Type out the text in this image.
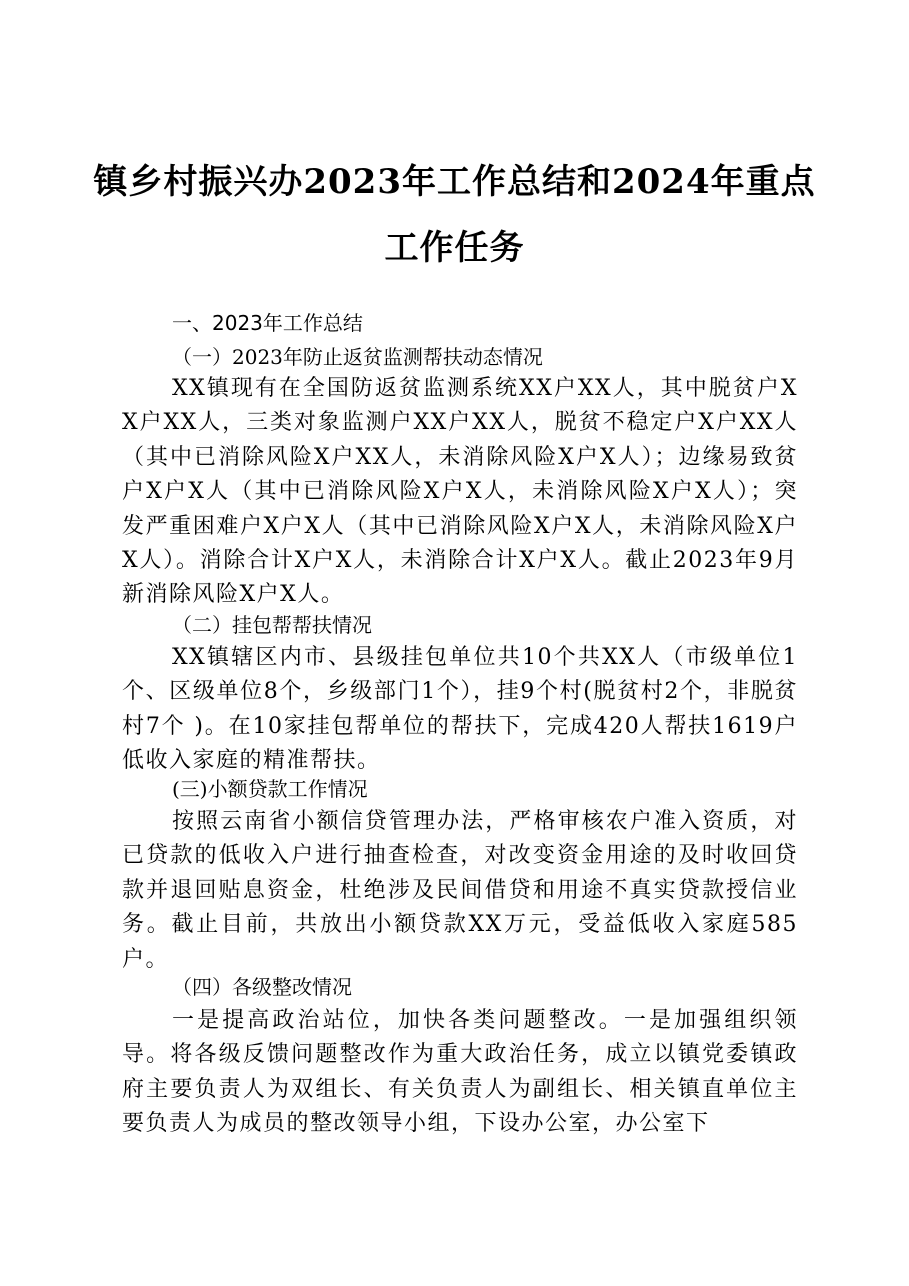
镇乡村振兴办2023年工作总结和2024年重点
工作任务
一、2023年工作总结
（一）2023年防止返贫监测帮扶动态情况
XX镇现有在全国防返贫监测系统XX户XX人，其中脱贫户XX户XX人，三类对象监测户XX户XX人，脱贫不稳定户X户XX人（其中已消除风险X户XX人，未消除风险X户X人）；边缘易致贫户X户X人（其中已消除风险X户X人，未消除风险X户X人）；突发严重困难户X户X人（其中已消除风险X户X人，未消除风险X户X人）。消除合计X户X人，未消除合计X户X人。截止2023年9月新消除风险X户X人。
（二）挂包帮帮扶情况
XX镇辖区内市、县级挂包单位共10个共XX人（市级单位1个、区级单位8个，乡级部门1个），挂9个村(脱贫村2个，非脱贫村7个 )。在10家挂包帮单位的帮扶下，完成420人帮扶1619户低收入家庭的精准帮扶。
(三)小额贷款工作情况
按照云南省小额信贷管理办法，严格审核农户准入资质，对已贷款的低收入户进行抽查检查，对改变资金用途的及时收回贷款并退回贴息资金，杜绝涉及民间借贷和用途不真实贷款授信业务。截止目前，共放出小额贷款XX万元，受益低收入家庭585户。
（四）各级整改情况
一是提高政治站位，加快各类问题整改。一是加强组织领导。将各级反馈问题整改作为重大政治任务，成立以镇党委镇政府主要负责人为双组长、有关负责人为副组长、相关镇直单位主要负责人为成员的整改领导小组，下设办公室，办公室下
